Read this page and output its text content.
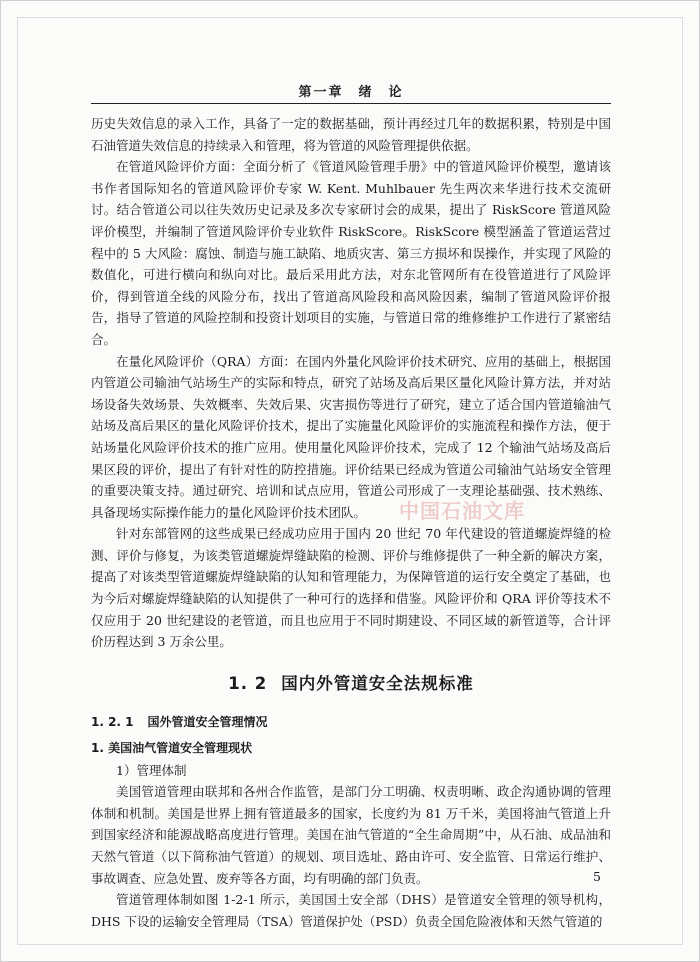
第一章　绪　论

历史失效信息的录入工作，具备了一定的数据基础，预计再经过几年的数据积累，特别是中国石油管道失效信息的持续录入和管理，将为管道的风险管理提供依据。

在管道风险评价方面：全面分析了《管道风险管理手册》中的管道风险评价模型，邀请该书作者国际知名的管道风险评价专家 W. Kent. Muhlbauer 先生两次来华进行技术交流研讨。结合管道公司以往失效历史记录及多次专家研讨会的成果，提出了 RiskScore 管道风险评价模型，并编制了管道风险评价专业软件 RiskScore。RiskScore 模型涵盖了管道运营过程中的 5 大风险：腐蚀、制造与施工缺陷、地质灾害、第三方损坏和误操作，并实现了风险的数值化，可进行横向和纵向对比。最后采用此方法，对东北管网所有在役管道进行了风险评价，得到管道全线的风险分布，找出了管道高风险段和高风险因素，编制了管道风险评价报告，指导了管道的风险控制和投资计划项目的实施，与管道日常的维修维护工作进行了紧密结合。

在量化风险评价（QRA）方面：在国内外量化风险评价技术研究、应用的基础上，根据国内管道公司输油气站场生产的实际和特点，研究了站场及高后果区量化风险计算方法，并对站场设备失效场景、失效概率、失效后果、灾害损伤等进行了研究，建立了适合国内管道输油气站场及高后果区的量化风险评价技术，提出了实施量化风险评价的实施流程和操作方法，便于站场量化风险评价技术的推广应用。使用量化风险评价技术，完成了 12 个输油气站场及高后果区段的评价，提出了有针对性的防控措施。评价结果已经成为管道公司输油气站场安全管理的重要决策支持。通过研究、培训和试点应用，管道公司形成了一支理论基础强、技术熟练、具备现场实际操作能力的量化风险评价技术团队。

针对东部管网的这些成果已经成功应用于国内 20 世纪 70 年代建设的管道螺旋焊缝的检测、评价与修复，为该类管道螺旋焊缝缺陷的检测、评价与维修提供了一种全新的解决方案，提高了对该类型管道螺旋焊缝缺陷的认知和管理能力，为保障管道的运行安全奠定了基础，也为今后对螺旋焊缝缺陷的认知提供了一种可行的选择和借鉴。风险评价和 QRA 评价等技术不仅应用于 20 世纪建设的老管道，而且也应用于不同时期建设、不同区域的新管道等，合计评价历程达到 3 万余公里。

1. 2 国内外管道安全法规标准

1. 2. 1 国外管道安全管理情况

1. 美国油气管道安全管理现状

1）管理体制

美国管道管理由联邦和各州合作监管，是部门分工明确、权责明晰、政企沟通协调的管理体制和机制。美国是世界上拥有管道最多的国家，长度约为 81 万千米，美国将油气管道上升到国家经济和能源战略高度进行管理。美国在油气管道的“全生命周期”中，从石油、成品油和天然气管道（以下简称油气管道）的规划、项目选址、路由许可、安全监管、日常运行维护、事故调查、应急处置、废弃等各方面，均有明确的部门负责。

管道管理体制如图 1-2-1 所示，美国国土安全部（DHS）是管道安全管理的领导机构，DHS 下设的运输安全管理局（TSA）管道保护处（PSD）负责全国危险液体和天然气管道的

中国石油文库
5
